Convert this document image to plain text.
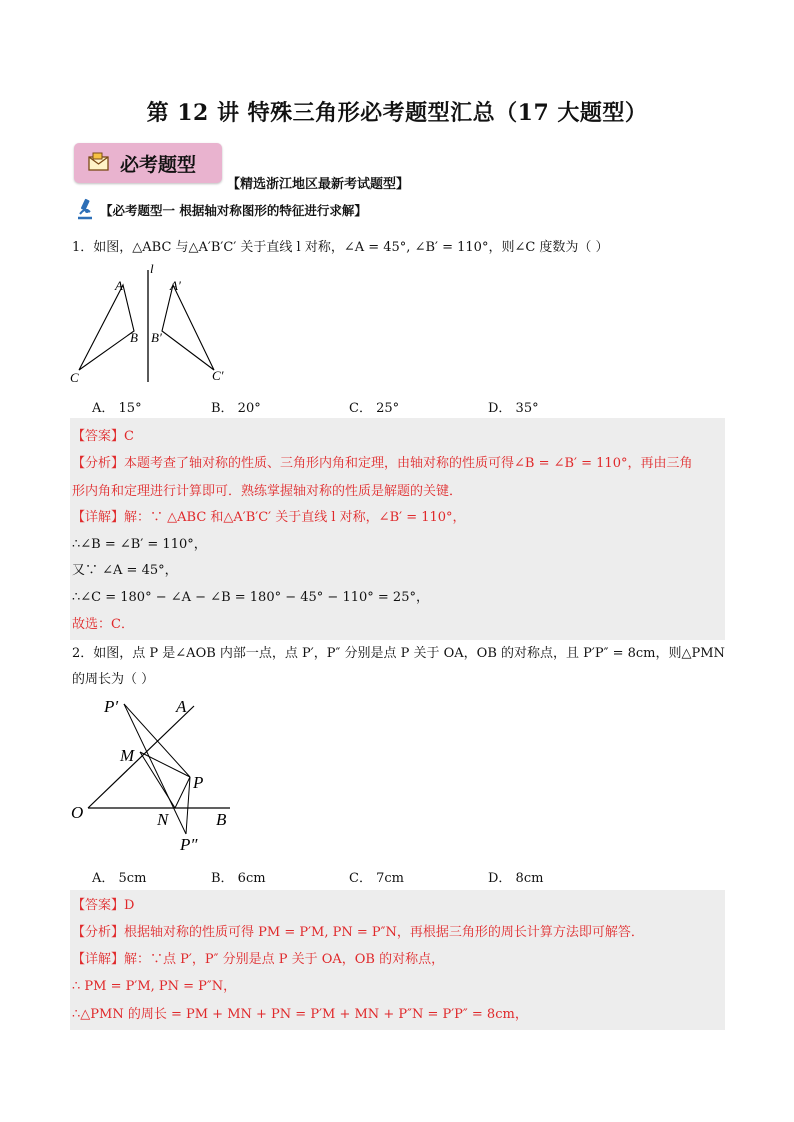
第 12 讲 特殊三角形必考题型汇总（17 大题型）
必考题型
【精选浙江地区最新考试题型】
【必考题型一 根据轴对称图形的特征进行求解】
1．如图，△ABC 与△A′B′C′ 关于直线 l 对称，∠A = 45°, ∠B′ = 110°，则∠C 度数为（ ）
l
A
B
C
A′
B′
C′
A． 15°	B． 20°	C． 25°	D． 35°
【答案】C
【分析】本题考查了轴对称的性质、三角形内角和定理，由轴对称的性质可得∠B = ∠B′ = 110°，再由三角
形内角和定理进行计算即可．熟练掌握轴对称的性质是解题的关键．
【详解】解：∵ △ABC 和△A′B′C′ 关于直线 l 对称，∠B′ = 110°，
∴∠B = ∠B′ = 110°，
又∵ ∠A = 45°，
∴∠C = 180° − ∠A − ∠B = 180° − 45° − 110° = 25°，
故选：C．
2．如图，点 P 是∠AOB 内部一点，点 P′，P″ 分别是点 P 关于 OA，OB 的对称点，且 P′P″ = 8cm，则△PMN
的周长为（ ）
P′	A
M
P
O	N	B
P″
A． 5cm	B． 6cm	C． 7cm	D． 8cm
【答案】D
【分析】根据轴对称的性质可得 PM = P′M, PN = P″N，再根据三角形的周长计算方法即可解答．
【详解】解：∵点 P′，P″ 分别是点 P 关于 OA，OB 的对称点，
∴ PM = P′M, PN = P″N，
∴△PMN 的周长 = PM + MN + PN = P′M + MN + P″N = P′P″ = 8cm，
